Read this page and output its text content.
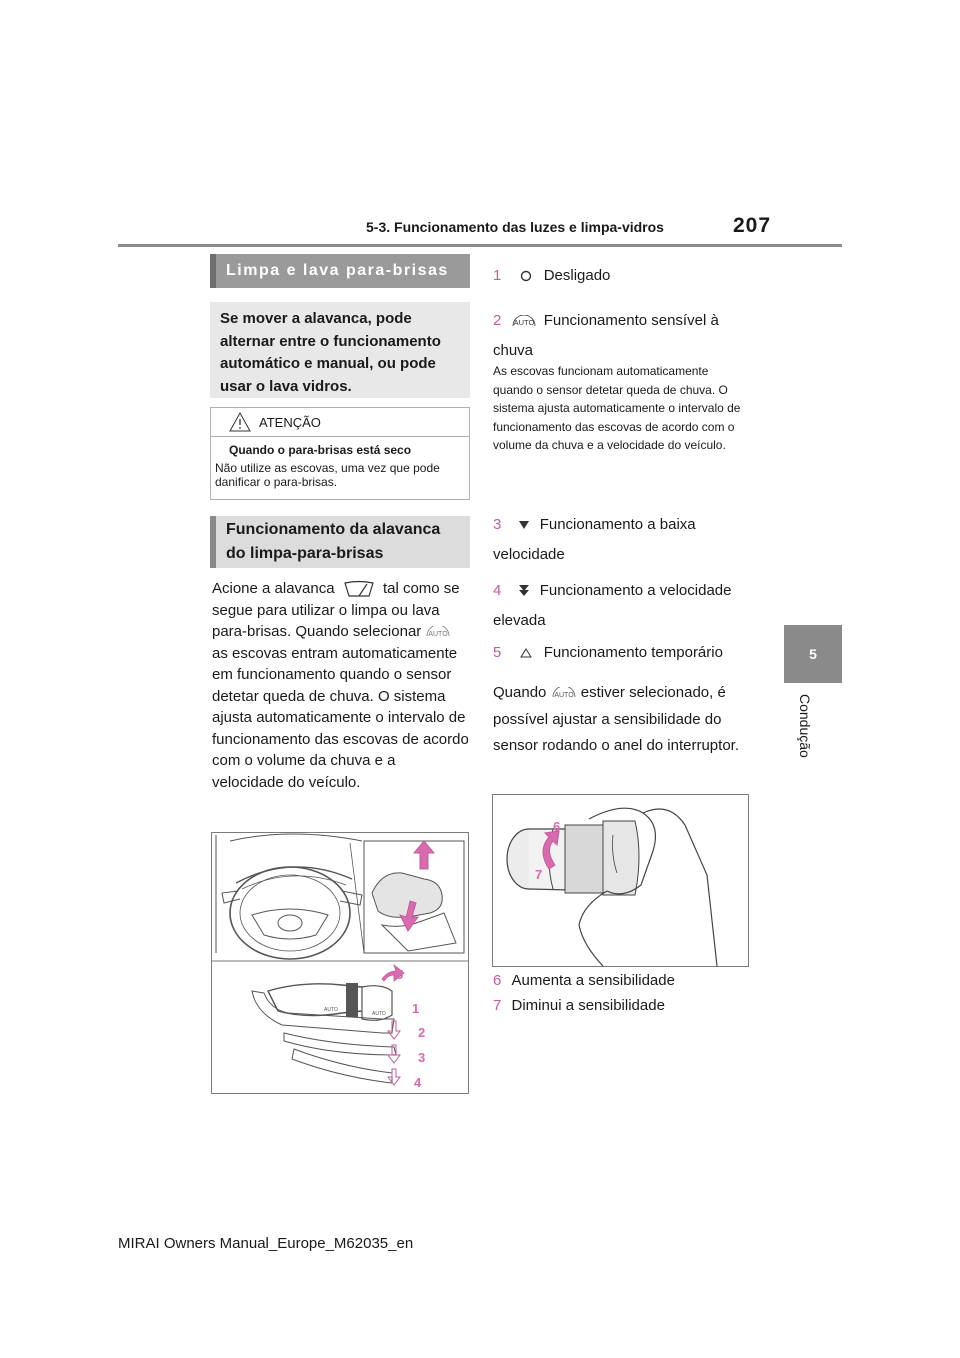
5-3. Funcionamento das luzes e limpa-vidros	207
5
Condução
Limpa e lava para-brisas
Se mover a alavanca, pode alternar entre o funcionamento automático e manual, ou pode usar o lava vidros.
ATENÇÃO
Quando o para-brisas está seco
Não utilize as escovas, uma vez que pode danificar o para-brisas.
Funcionamento da alavanca do limpa-para-brisas
Acione a alavanca	tal como se segue para utilizar o limpa ou lava para-brisas. Quando selecionar AUTO
as escovas entram automaticamente em funcionamento quando o sensor detetar queda de chuva. O sistema ajusta automaticamente o intervalo de funcionamento das escovas de acordo com o volume da chuva e a velocidade do veículo.
AUTO
AUTO
5
1
2
3
4
1	Desligado
2 AUTO Funcionamento sensível à chuva
As escovas funcionam automaticamente quando o sensor detetar queda de chuva. O sistema ajusta automaticamente o intervalo de funcionamento das escovas de acordo com o volume da chuva e a velocidade do veículo.
3	Funcionamento a baixa velocidade
4	Funcionamento a velocidade elevada
5	Funcionamento temporário
Quando AUTO estiver selecionado, é possível ajustar a sensibilidade do sensor rodando o anel do interruptor.
6
7
6 Aumenta a sensibilidade
7 Diminui a sensibilidade
MIRAI Owners Manual_Europe_M62035_en
